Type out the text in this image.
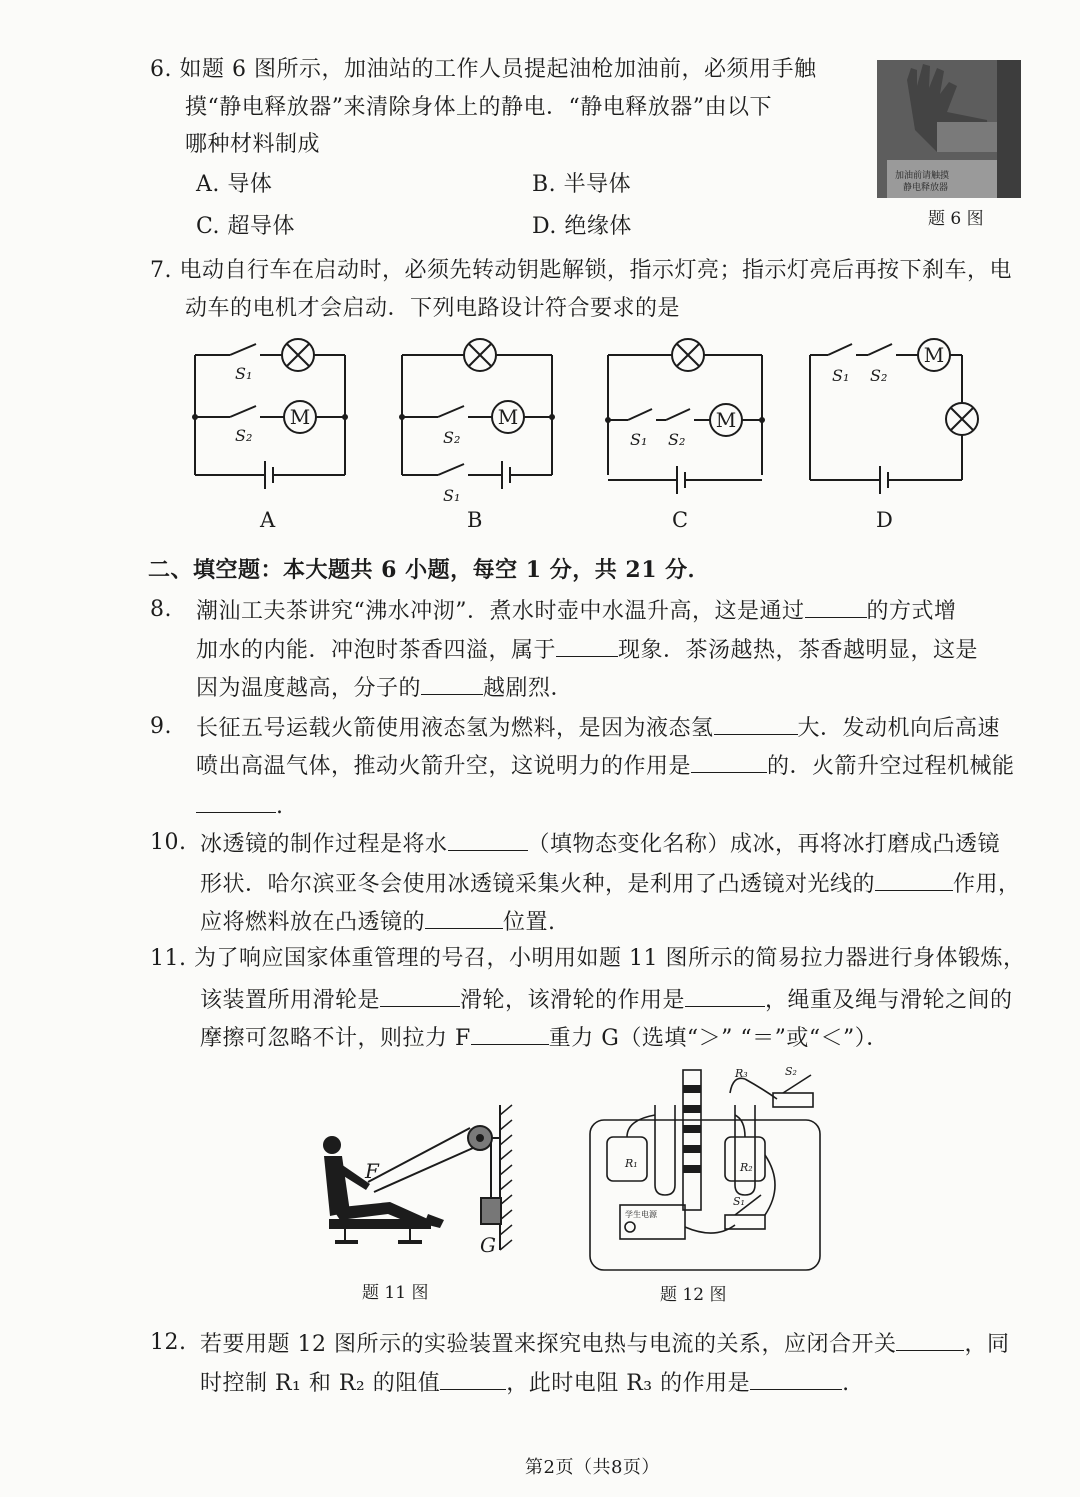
6. 如题 6 图所示，加油站的工作人员提起油枪加油前，必须用手触
摸“静电释放器”来清除身体上的静电．“静电释放器”由以下
哪种材料制成
A. 导体	B. 半导体
C. 超导体	D. 绝缘体
加油前请触摸
静电释放器
题 6 图
7. 电动自行车在启动时，必须先转动钥匙解锁，指示灯亮；指示灯亮后再按下刹车，电
动车的电机才会启动．下列电路设计符合要求的是
M	M	M
M
S₁
S₂	S₂
S₁
S₁ S₂
S₁ S₂
A	B	C	D
二、填空题：本大题共 6 小题，每空 1 分，共 21 分．
8. 潮汕工夫茶讲究“沸水冲沏”．煮水时壶中水温升高，这是通过	的方式增
加水的内能．冲泡时茶香四溢，属于	现象．茶汤越热，茶香越明显，这是
因为温度越高，分子的	越剧烈．
9. 长征五号运载火箭使用液态氢为燃料，是因为液态氢	大．发动机向后高速
喷出高温气体，推动火箭升空，这说明力的作用是	的．火箭升空过程机械能
.
10. 冰透镜的制作过程是将水	（填物态变化名称）成冰，再将冰打磨成凸透镜
形状．哈尔滨亚冬会使用冰透镜采集火种，是利用了凸透镜对光线的	作用，
应将燃料放在凸透镜的	位置.
11. 为了响应国家体重管理的号召，小明用如题 11 图所示的简易拉力器进行身体锻炼，
该装置所用滑轮是	滑轮，该滑轮的作用是	，绳重及绳与滑轮之间的
摩擦可忽略不计，则拉力 F	重力 G（选填“＞” “＝”或“＜”）．
F
G
题 11 图
R₁	R₂
R₃	S₂
S₁
学生电源
题 12 图
12. 若要用题 12 图所示的实验装置来探究电热与电流的关系，应闭合开关	，同
时控制 R₁ 和 R₂ 的阻值	，此时电阻 R₃ 的作用是	.
第2页（共8页）
